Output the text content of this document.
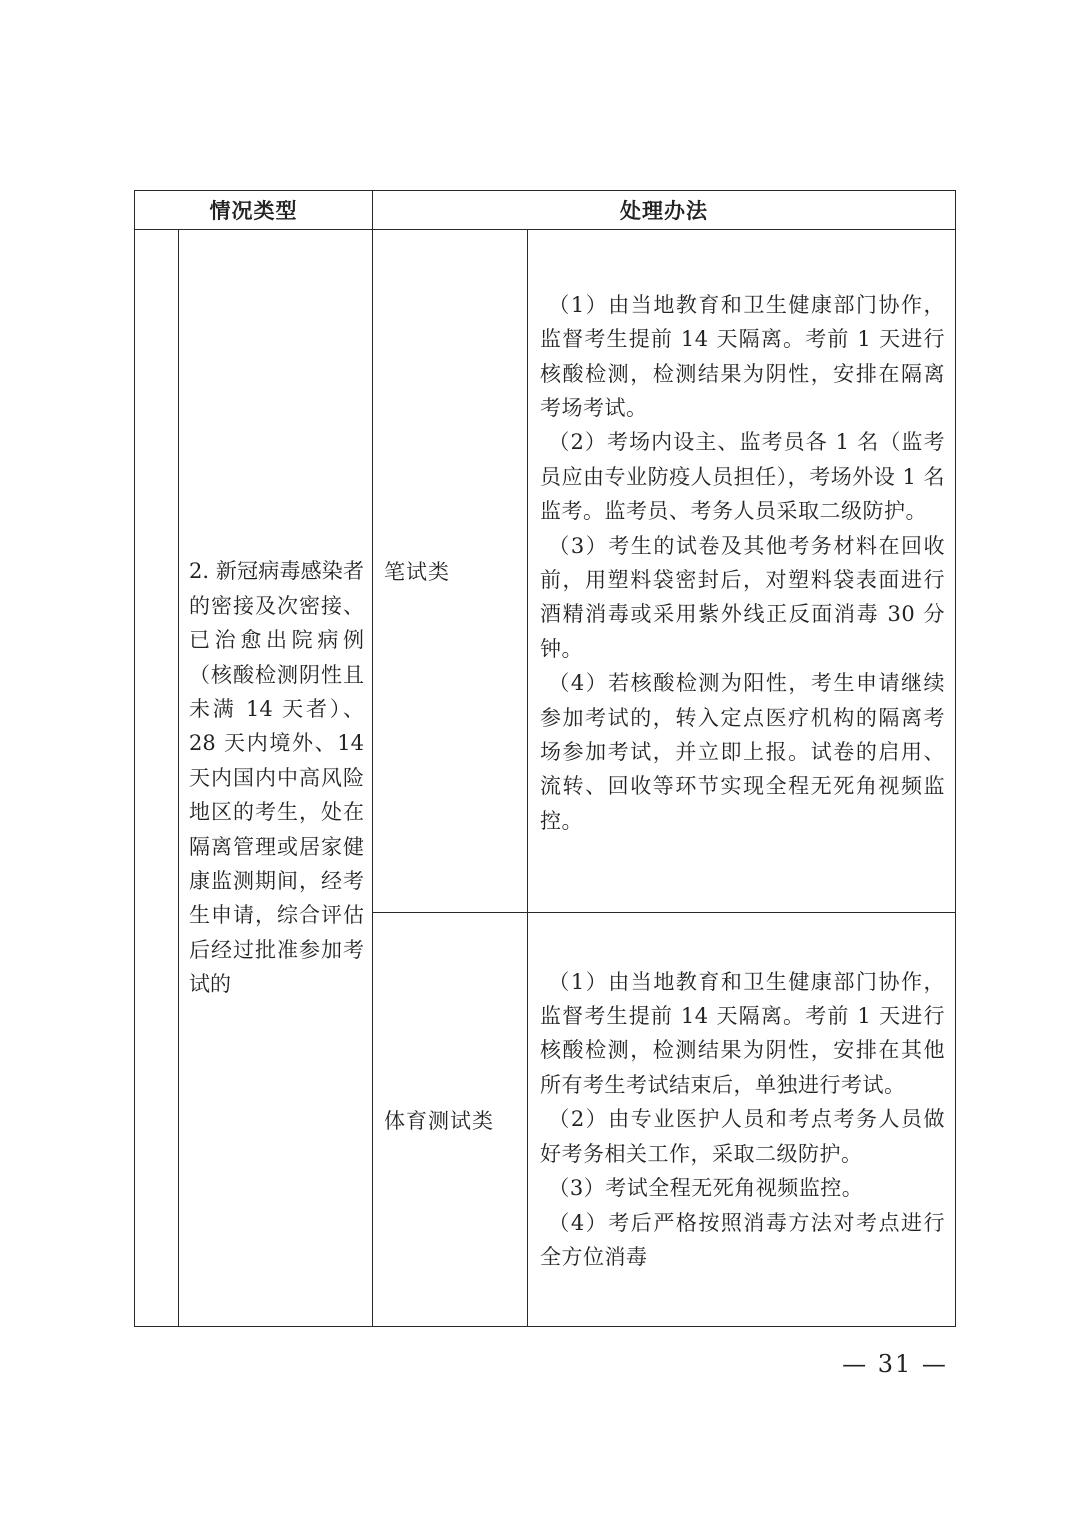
情况类型		处理办法	
	2. 新冠病毒感染者的密接及次密接、已治愈出院病例（核酸检测阴性且未满 14 天者）、28 天内境外、14 天内国内中高风险地区的考生，处在隔离管理或居家健康监测期间，经考生申请，综合评估后经过批准参加考试的	笔试类	（1）由当地教育和卫生健康部门协作，监督考生提前 14 天隔离。考前 1 天进行核酸检测，检测结果为阴性，安排在隔离考场考试。
（2）考场内设主、监考员各 1 名（监考员应由专业防疫人员担任），考场外设 1 名监考。监考员、考务人员采取二级防护。
（3）考生的试卷及其他考务材料在回收前，用塑料袋密封后，对塑料袋表面进行酒精消毒或采用紫外线正反面消毒 30 分钟。
（4）若核酸检测为阳性，考生申请继续参加考试的，转入定点医疗机构的隔离考场参加考试，并立即上报。试卷的启用、流转、回收等环节实现全程无死角视频监控。

		体育测试类	（1）由当地教育和卫生健康部门协作，监督考生提前 14 天隔离。考前 1 天进行核酸检测，检测结果为阴性，安排在其他所有考生考试结束后，单独进行考试。
（2）由专业医护人员和考点考务人员做好考务相关工作，采取二级防护。
（3）考试全程无死角视频监控。
（4）考后严格按照消毒方法对考点进行全方位消毒
— 31 —
